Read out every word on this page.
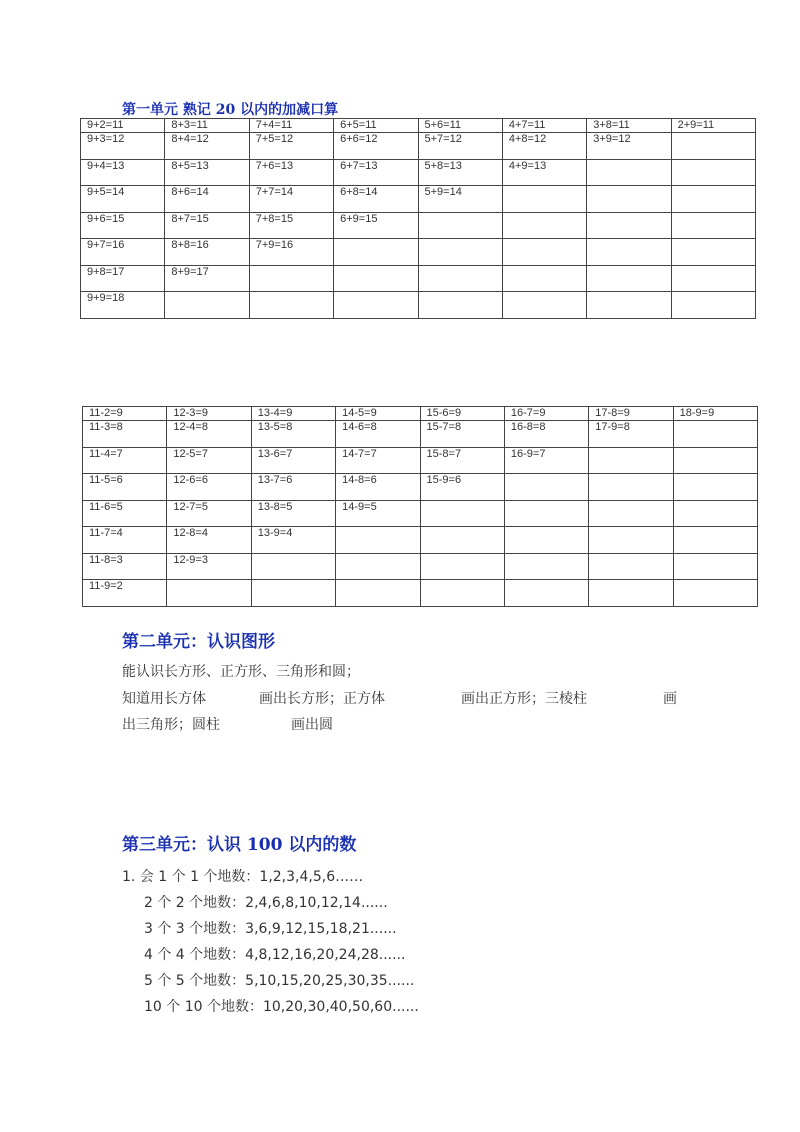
第一单元 熟记 20 以内的加减口算
9+2=11	8+3=11	7+4=11	6+5=11	5+6=11	4+7=11	3+8=11	2+9=11
9+3=12	8+4=12	7+5=12	6+6=12	5+7=12	4+8=12	3+9=12	
9+4=13	8+5=13	7+6=13	6+7=13	5+8=13	4+9=13		
9+5=14	8+6=14	7+7=14	6+8=14	5+9=14			
9+6=15	8+7=15	7+8=15	6+9=15				
9+7=16	8+8=16	7+9=16					
9+8=17	8+9=17						
9+9=18							
11-2=9	12-3=9	13-4=9	14-5=9	15-6=9	16-7=9	17-8=9	18-9=9
11-3=8	12-4=8	13-5=8	14-6=8	15-7=8	16-8=8	17-9=8	
11-4=7	12-5=7	13-6=7	14-7=7	15-8=7	16-9=7		
11-5=6	12-6=6	13-7=6	14-8=6	15-9=6			
11-6=5	12-7=5	13-8=5	14-9=5				
11-7=4	12-8=4	13-9=4					
11-8=3	12-9=3						
11-9=2							
第二单元：认识图形

能认识长方形、正方形、三角形和圆；

知道用长方体	画出长方形；正方体	画出正方形；三棱柱	画

出三角形；圆柱	画出圆

第三单元：认识 100 以内的数

1. 会 1 个 1 个地数：1,2,3,4,5,6……

2 个 2 个地数：2,4,6,8,10,12,14......

3 个 3 个地数：3,6,9,12,15,18,21......

4 个 4 个地数：4,8,12,16,20,24,28......

5 个 5 个地数：5,10,15,20,25,30,35......

10 个 10 个地数：10,20,30,40,50,60......
